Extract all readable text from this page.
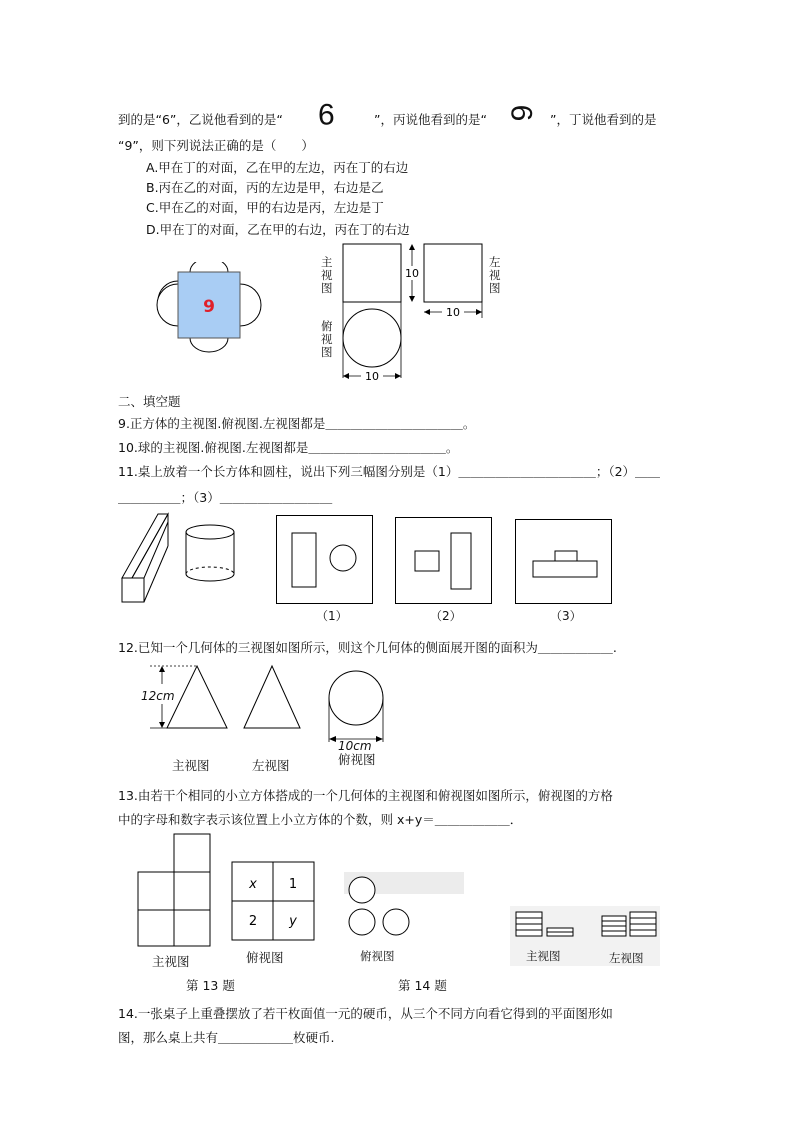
到的是“6”，乙说他看到的是“ 9	”，丙说他看到的是“ 6 ”，丁说他看到的是
“9”，则下列说法正确的是（　　）
A.甲在丁的对面，乙在甲的左边，丙在丁的右边
B.丙在乙的对面，丙的左边是甲，右边是乙
C.甲在乙的对面，甲的右边是丙，左边是丁
D.甲在丁的对面，乙在甲的右边，丙在丁的右边
9
10
10
10
主视图
左视图
俯视图
二、填空题
9.正方体的主视图.俯视图.左视图都是＿＿＿＿＿＿＿＿＿＿＿。
10.球的主视图.俯视图.左视图都是＿＿＿＿＿＿＿＿＿＿＿。
11.桌上放着一个长方体和圆柱，说出下列三幅图分别是（1）＿＿＿＿＿＿＿＿＿＿＿；（2）＿＿
＿＿＿＿＿；（3）＿＿＿＿＿＿＿＿＿
（1）	（2）	（3）
12.已知一个几何体的三视图如图所示，则这个几何体的侧面展开图的面积为＿＿＿＿＿＿.
12cm
10cm
主视图	左视图	俯视图
13.由若干个相同的小立方体搭成的一个几何体的主视图和俯视图如图所示，俯视图的方格
中的字母和数字表示该位置上小立方体的个数，则 x+y＝＿＿＿＿＿＿．
x 1
2 y
主视图	俯视图
第 13 题
俯视图	主视图	左视图
第 14 题
14.一张桌子上重叠摆放了若干枚面值一元的硬币，从三个不同方向看它得到的平面图形如
图，那么桌上共有＿＿＿＿＿＿枚硬币.
